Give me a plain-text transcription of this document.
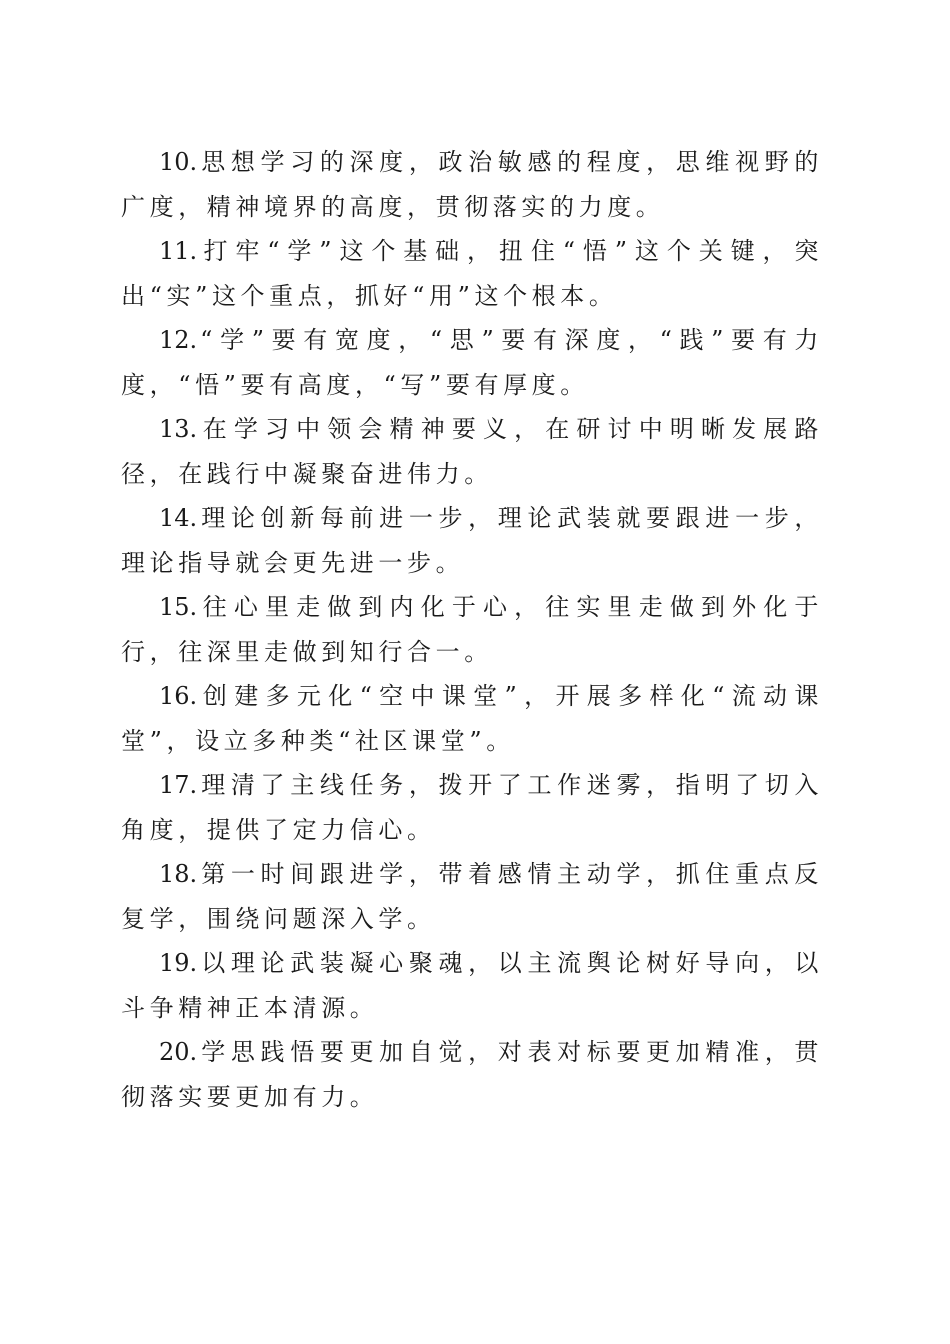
10. 思想学习的深度，政治敏感的程度，思维视野的广度，精神境界的高度，贯彻落实的力度。

11. 打牢“学”这个基础，扭住“悟”这个关键，突出“实”这个重点，抓好“用”这个根本。

12. “学”要有宽度，“思”要有深度，“践”要有力度，“悟”要有高度，“写”要有厚度。

13. 在学习中领会精神要义，在研讨中明晰发展路径，在践行中凝聚奋进伟力。

14. 理论创新每前进一步，理论武装就要跟进一步，理论指导就会更先进一步。

15. 往心里走做到内化于心，往实里走做到外化于行，往深里走做到知行合一。

16. 创建多元化“空中课堂”，开展多样化“流动课堂”，设立多种类“社区课堂”。

17. 理清了主线任务，拨开了工作迷雾，指明了切入角度，提供了定力信心。

18. 第一时间跟进学，带着感情主动学，抓住重点反复学，围绕问题深入学。

19. 以理论武装凝心聚魂，以主流舆论树好导向，以斗争精神正本清源。

20. 学思践悟要更加自觉，对表对标要更加精准，贯彻落实要更加有力。
